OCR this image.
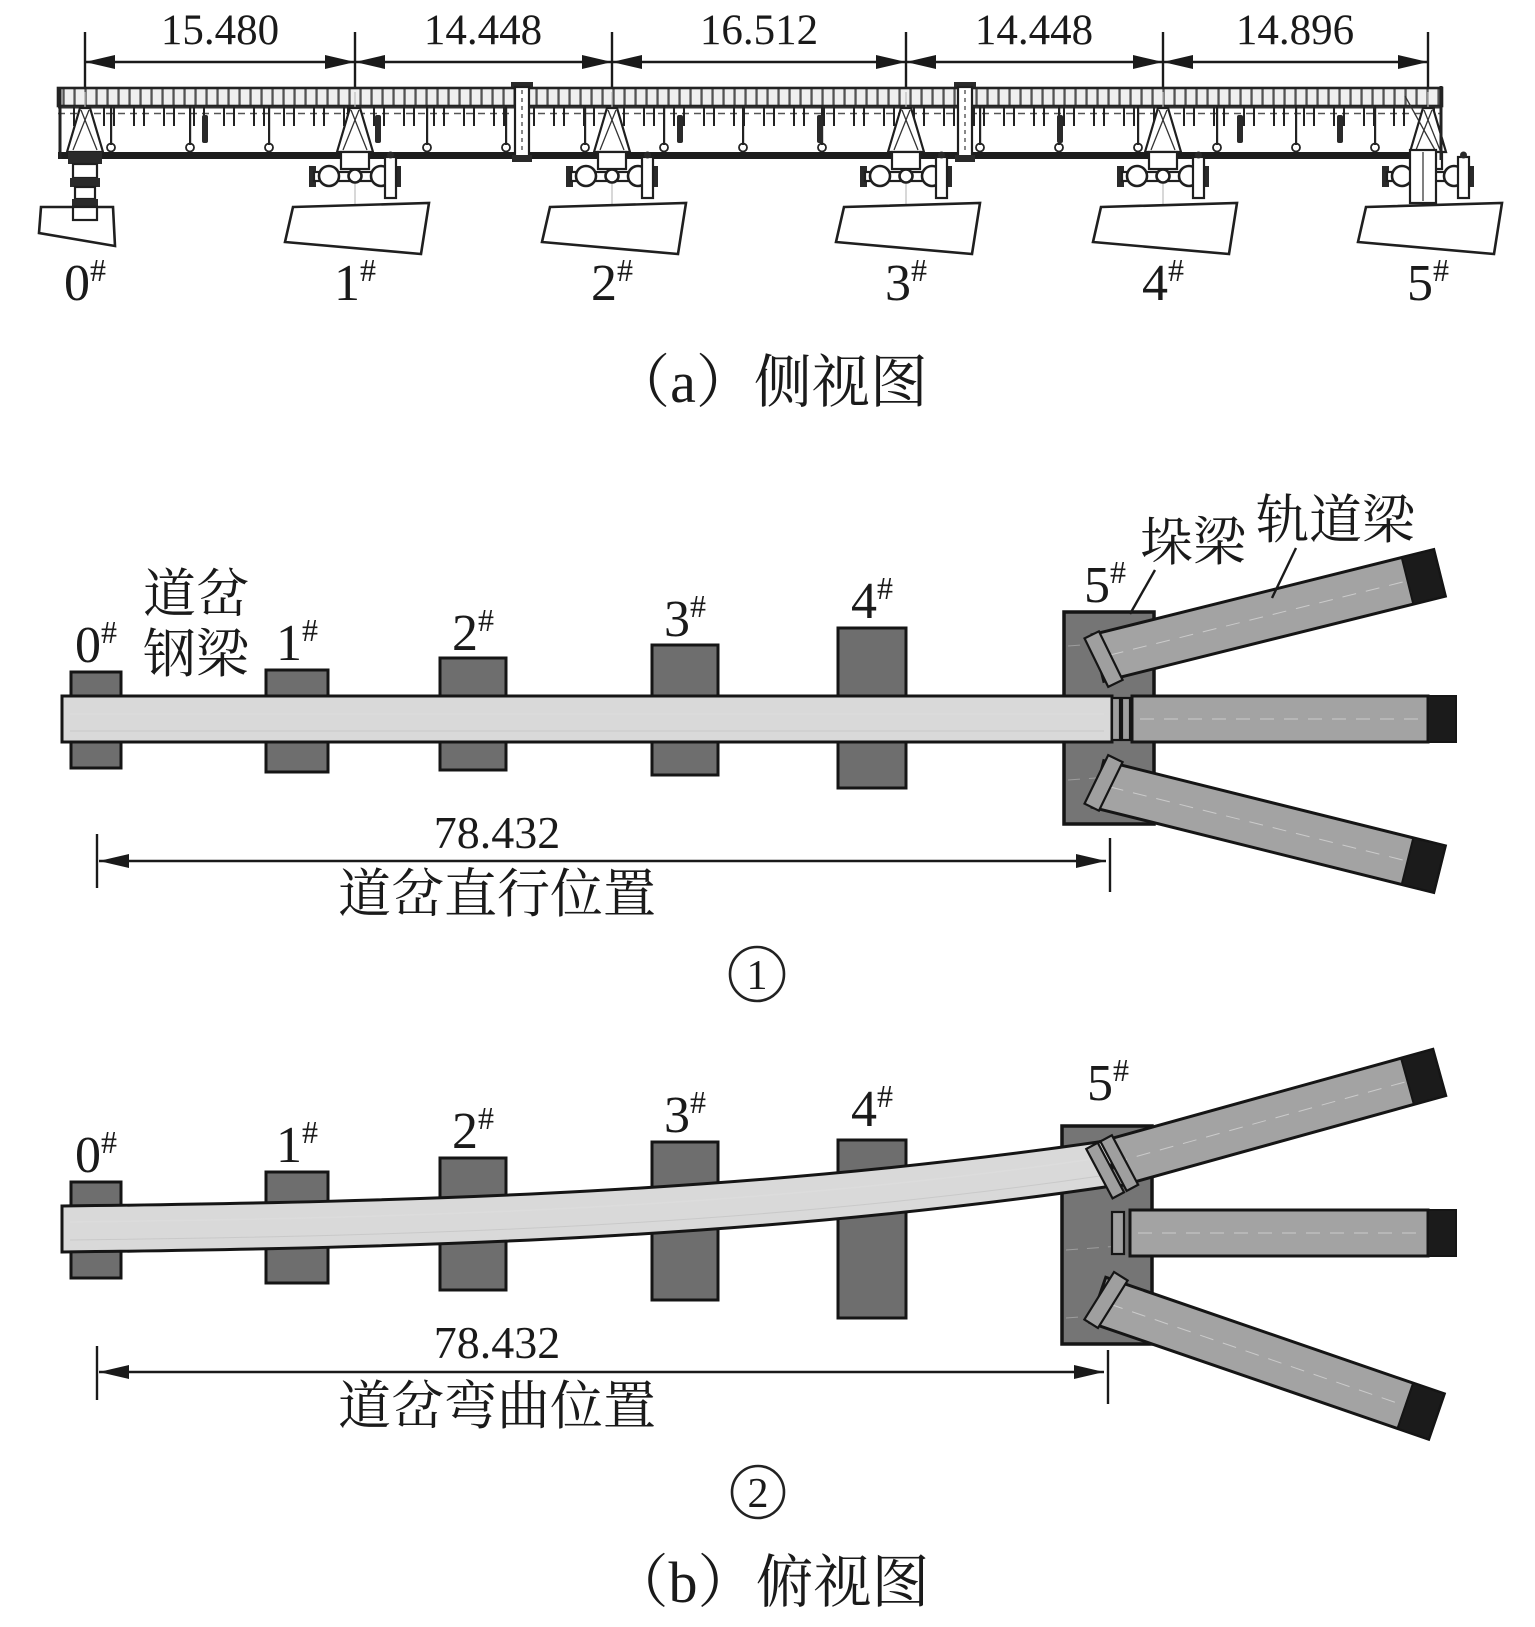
15.480	14.448	16.512	14.448	14.896
0#	1#	2#	3#	4#	5#
（a）侧视图
道岔
钢梁
0#	1#	2#	3#	4#	5# 垛梁 轨道梁
78.432
道岔直行位置
1
0#	1#	2#	3#	4#	5#
78.432
道岔弯曲位置
2
（b）俯视图
